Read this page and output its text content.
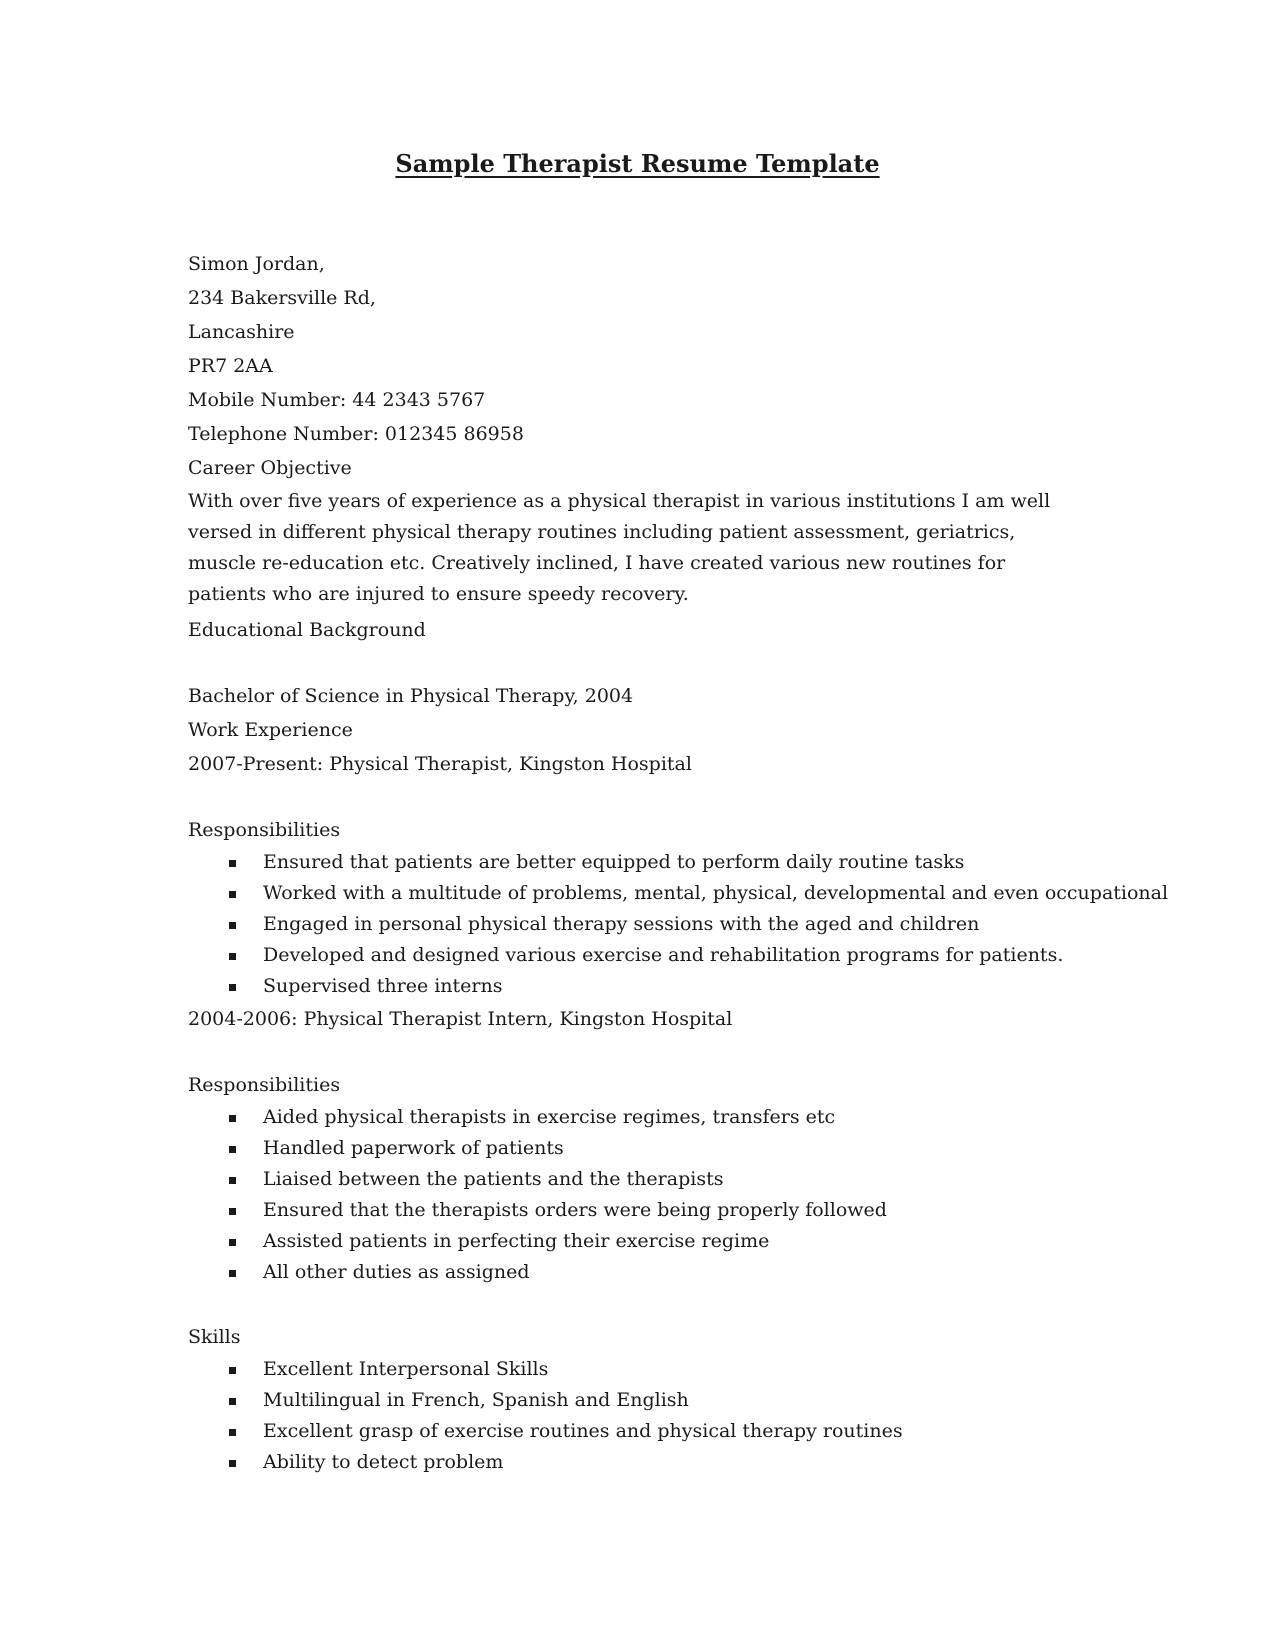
Sample Therapist Resume Template
Simon Jordan,
234 Bakersville Rd,
Lancashire
PR7 2AA
Mobile Number: 44 2343 5767
Telephone Number: 012345 86958
Career Objective

With over five years of experience as a physical therapist in various institutions I am well versed in different physical therapy routines including patient assessment, geriatrics, muscle re-education etc. Creatively inclined, I have created various new routines for patients who are injured to ensure speedy recovery.

Educational Background
Bachelor of Science in Physical Therapy, 2004
Work Experience
2007-Present: Physical Therapist, Kingston Hospital
Responsibilities
Ensured that patients are better equipped to perform daily routine tasks
Worked with a multitude of problems, mental, physical, developmental and even occupational
Engaged in personal physical therapy sessions with the aged and children
Developed and designed various exercise and rehabilitation programs for patients.
Supervised three interns
2004-2006: Physical Therapist Intern, Kingston Hospital
Responsibilities
Aided physical therapists in exercise regimes, transfers etc
Handled paperwork of patients
Liaised between the patients and the therapists
Ensured that the therapists orders were being properly followed
Assisted patients in perfecting their exercise regime
All other duties as assigned
Skills
Excellent Interpersonal Skills
Multilingual in French, Spanish and English
Excellent grasp of exercise routines and physical therapy routines
Ability to detect problem
